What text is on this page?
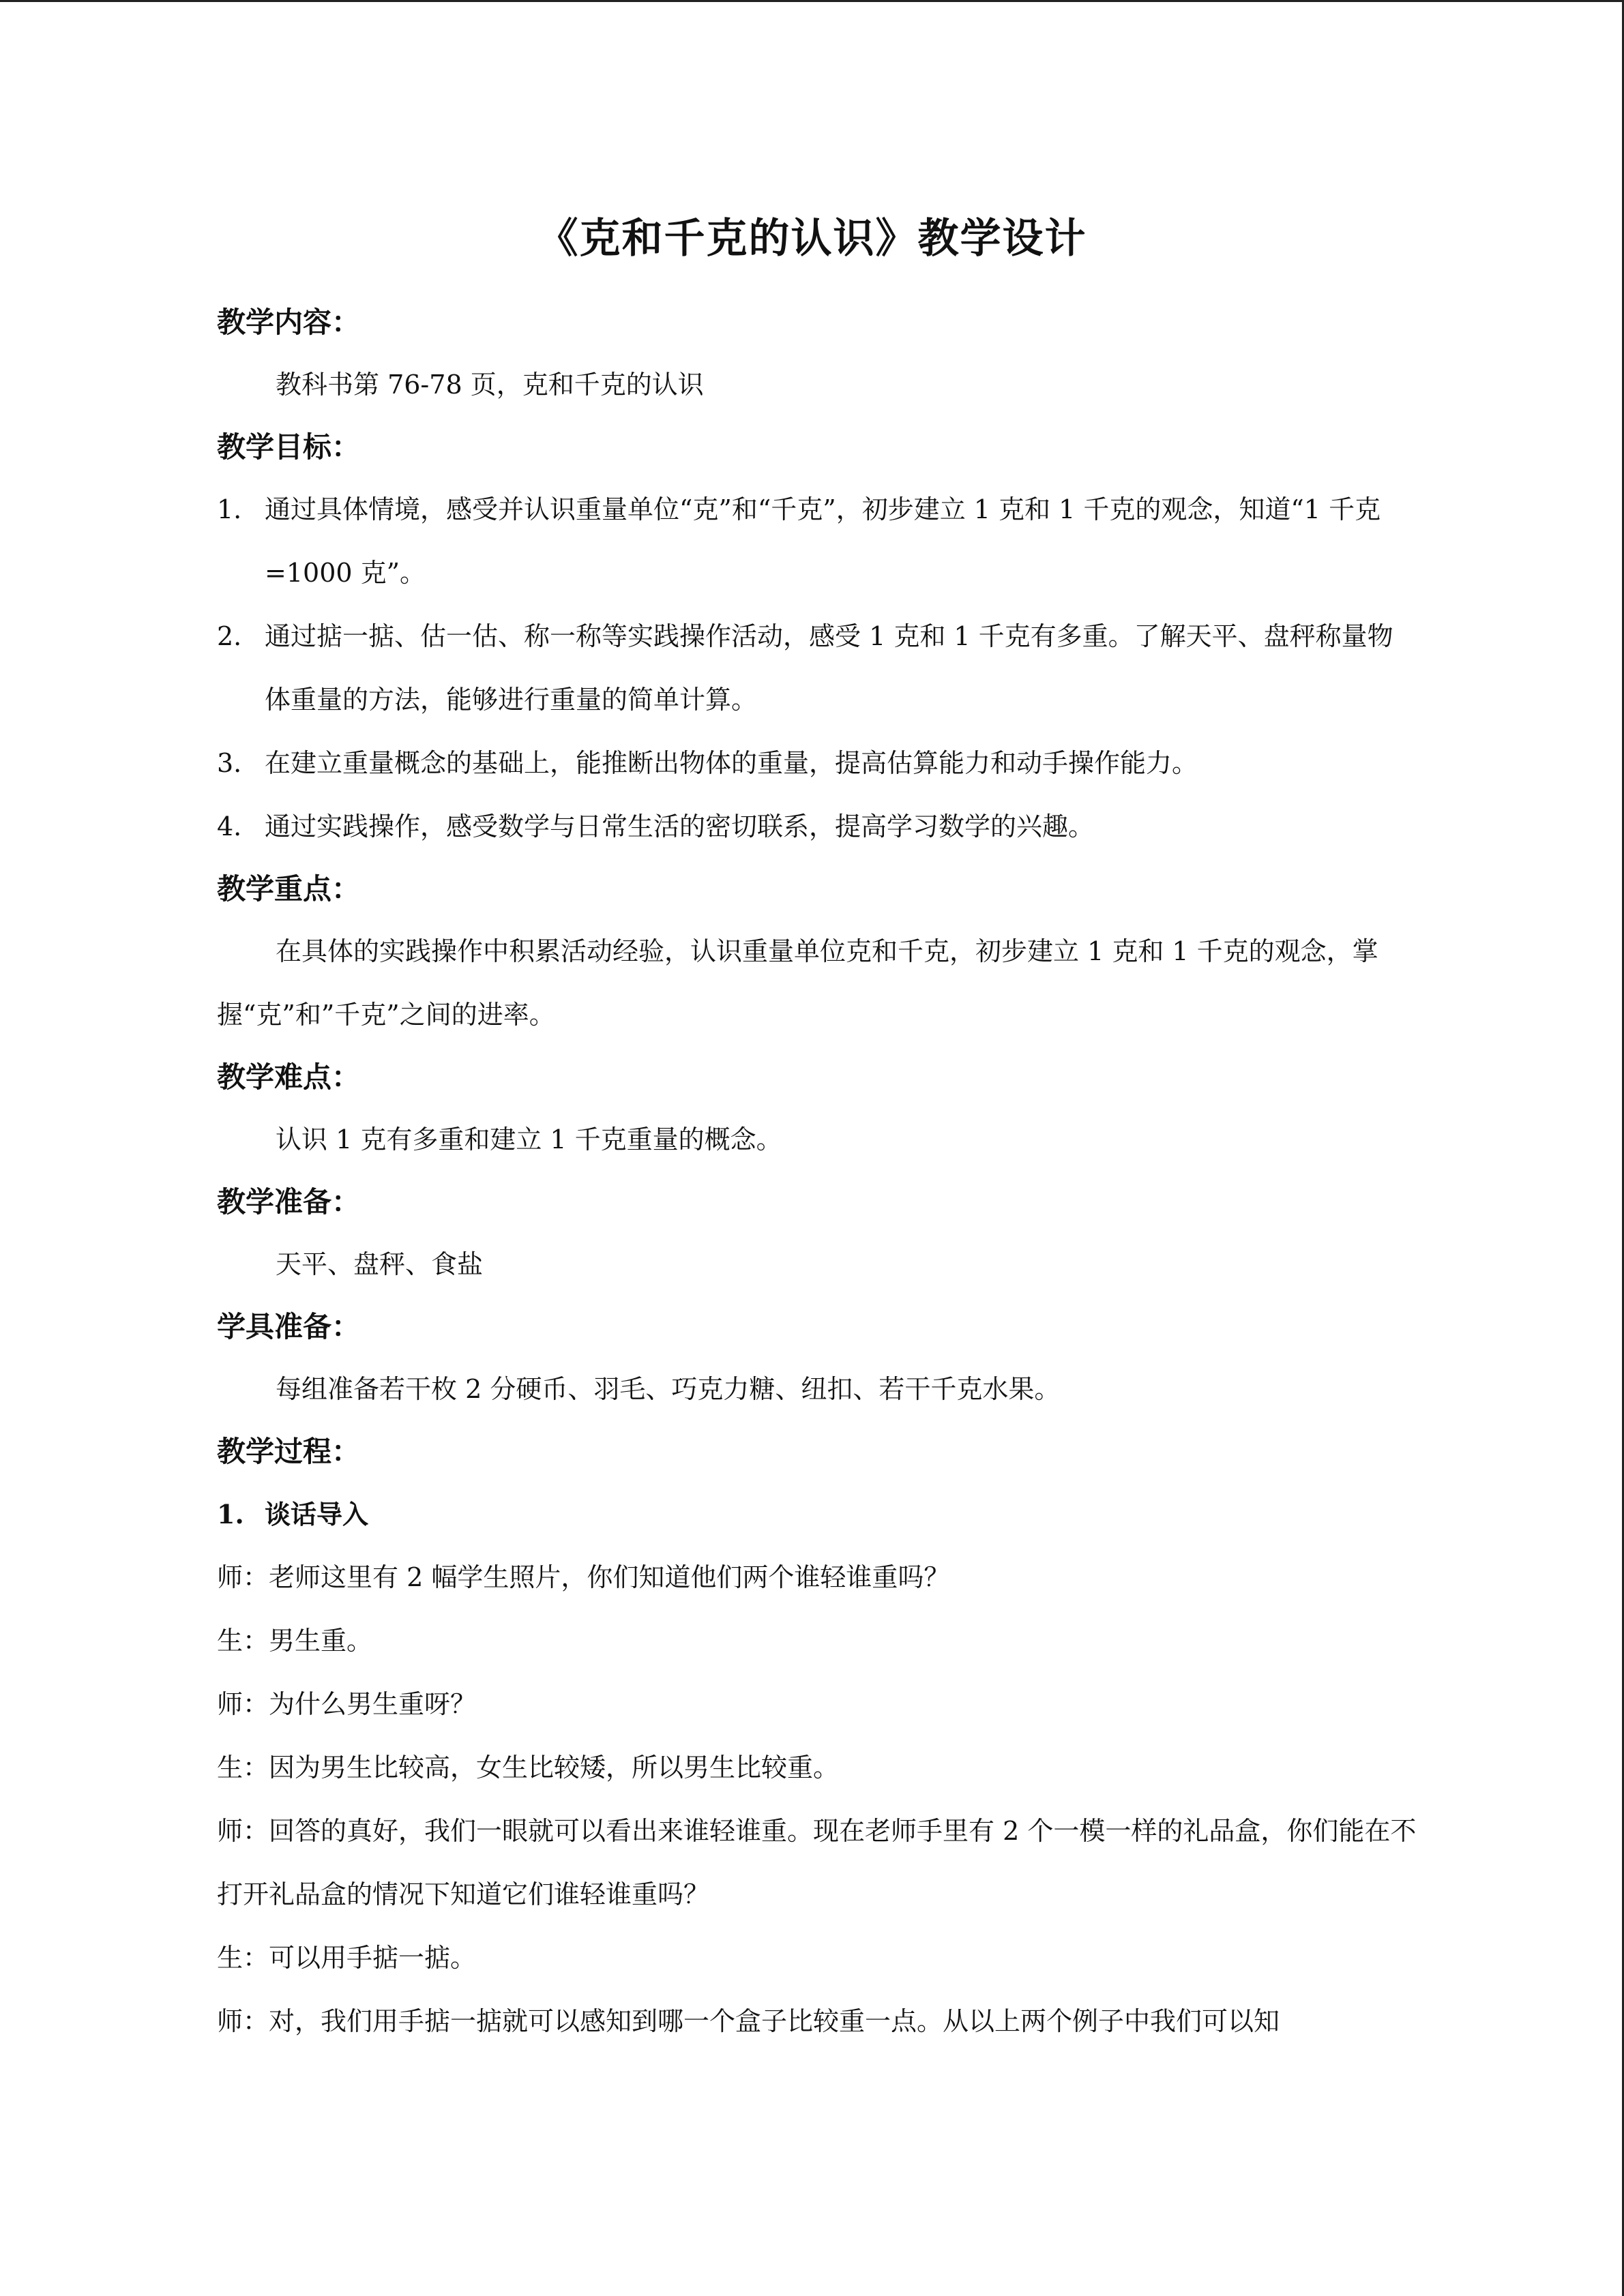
《克和千克的认识》教学设计
教学内容：

教科书第 76-78 页，克和千克的认识

教学目标：
1. 通过具体情境，感受并认识重量单位“克”和“千克”，初步建立 1 克和 1 千克的观念，知道“1 千克=1000 克”。
2. 通过掂一掂、估一估、称一称等实践操作活动，感受 1 克和 1 千克有多重。了解天平、盘秤称量物体重量的方法，能够进行重量的简单计算。
3. 在建立重量概念的基础上，能推断出物体的重量，提高估算能力和动手操作能力。
4. 通过实践操作，感受数学与日常生活的密切联系，提高学习数学的兴趣。
教学重点：

在具体的实践操作中积累活动经验，认识重量单位克和千克，初步建立 1 克和 1 千克的观念，掌握“克”和”千克”之间的进率。

教学难点：

认识 1 克有多重和建立 1 千克重量的概念。

教学准备：

天平、盘秤、食盐

学具准备：

每组准备若干枚 2 分硬币、羽毛、巧克力糖、纽扣、若干千克水果。

教学过程：
1. 谈话导入

师：老师这里有 2 幅学生照片，你们知道他们两个谁轻谁重吗？

生：男生重。

师：为什么男生重呀？

生：因为男生比较高，女生比较矮，所以男生比较重。

师：回答的真好，我们一眼就可以看出来谁轻谁重。现在老师手里有 2 个一模一样的礼品盒，你们能在不打开礼品盒的情况下知道它们谁轻谁重吗？

生：可以用手掂一掂。

师：对，我们用手掂一掂就可以感知到哪一个盒子比较重一点。从以上两个例子中我们可以知
